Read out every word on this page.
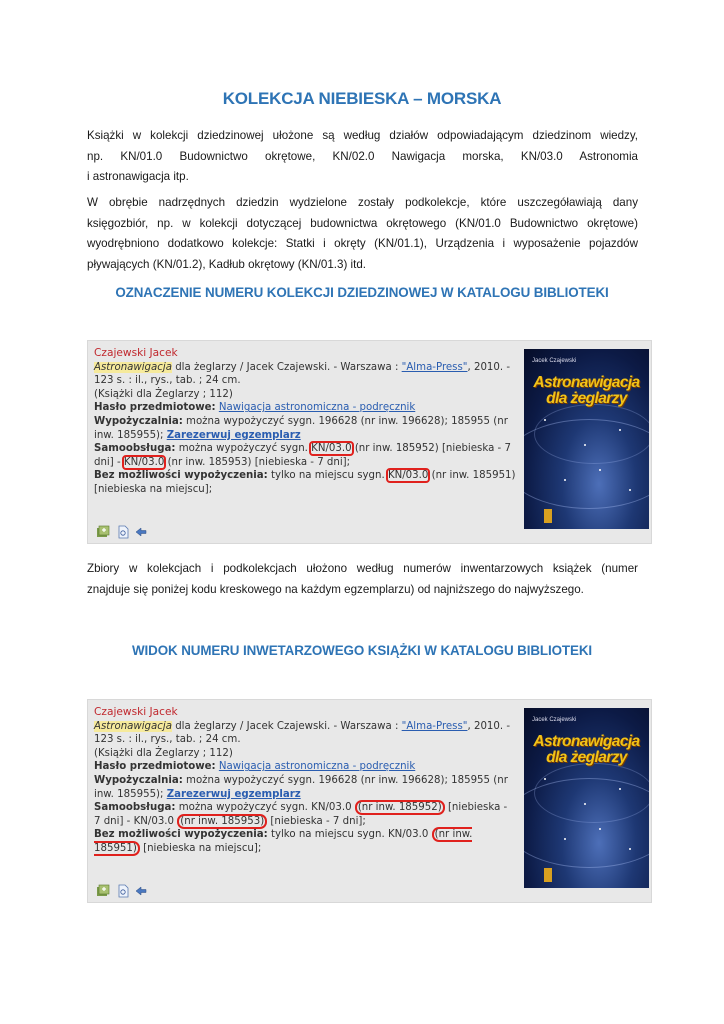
KOLEKCJA NIEBIESKA – MORSKA
Książki w kolekcji dziedzinowej ułożone są według działów odpowiadającym dziedzinom wiedzy,
np. KN/01.0 Budownictwo okrętowe, KN/02.0 Nawigacja morska, KN/03.0 Astronomia
i astronawigacja itp.
W obrębie nadrzędnych dziedzin wydzielone zostały podkolekcje, które uszczegóławiają dany
księgozbiór, np. w kolekcji dotyczącej budownictwa okrętowego (KN/01.0 Budownictwo okrętowe)
wyodrębniono dodatkowo kolekcje: Statki i okręty (KN/01.1), Urządzenia i wyposażenie pojazdów
pływających (KN/01.2), Kadłub okrętowy (KN/01.3) itd.
OZNACZENIE NUMERU KOLEKCJI DZIEDZINOWEJ W KATALOGU BIBLIOTEKI
Czajewski Jacek
Astronawigacja dla żeglarzy / Jacek Czajewski. - Warszawa : "Alma-Press", 2010. - 123 s. : il., rys., tab. ; 24 cm.
(Książki dla Żeglarzy ; 112)
Hasło przedmiotowe: Nawigacja astronomiczna - podręcznik
Wypożyczalnia: można wypożyczyć sygn. 196628 (nr inw. 196628); 185955 (nr inw. 185955); Zarezerwuj egzemplarz
Samoobsługa: można wypożyczyć sygn. KN/03.0 (nr inw. 185952) [niebieska - 7 dni] - KN/03.0 (nr inw. 185953) [niebieska - 7 dni];
Bez możliwości wypożyczenia: tylko na miejscu sygn. KN/03.0 (nr inw. 185951) [niebieska na miejscu];
Jacek Czajewski
Astronawigacja
dla żeglarzy
Zbiory w kolekcjach i podkolekcjach ułożono według numerów inwentarzowych książek (numer
znajduje się poniżej kodu kreskowego na każdym egzemplarzu) od najniższego do najwyższego.
WIDOK NUMERU INWETARZOWEGO KSIĄŻKI W KATALOGU BIBLIOTEKI
Czajewski Jacek
Astronawigacja dla żeglarzy / Jacek Czajewski. - Warszawa : "Alma-Press", 2010. - 123 s. : il., rys., tab. ; 24 cm.
(Książki dla Żeglarzy ; 112)
Hasło przedmiotowe: Nawigacja astronomiczna - podręcznik
Wypożyczalnia: można wypożyczyć sygn. 196628 (nr inw. 196628); 185955 (nr inw. 185955); Zarezerwuj egzemplarz
Samoobsługa: można wypożyczyć sygn. KN/03.0 (nr inw. 185952) [niebieska - 7 dni] - KN/03.0 (nr inw. 185953) [niebieska - 7 dni];
Bez możliwości wypożyczenia: tylko na miejscu sygn. KN/03.0 (nr inw. 185951) [niebieska na miejscu];
Jacek Czajewski
Astronawigacja
dla żeglarzy
